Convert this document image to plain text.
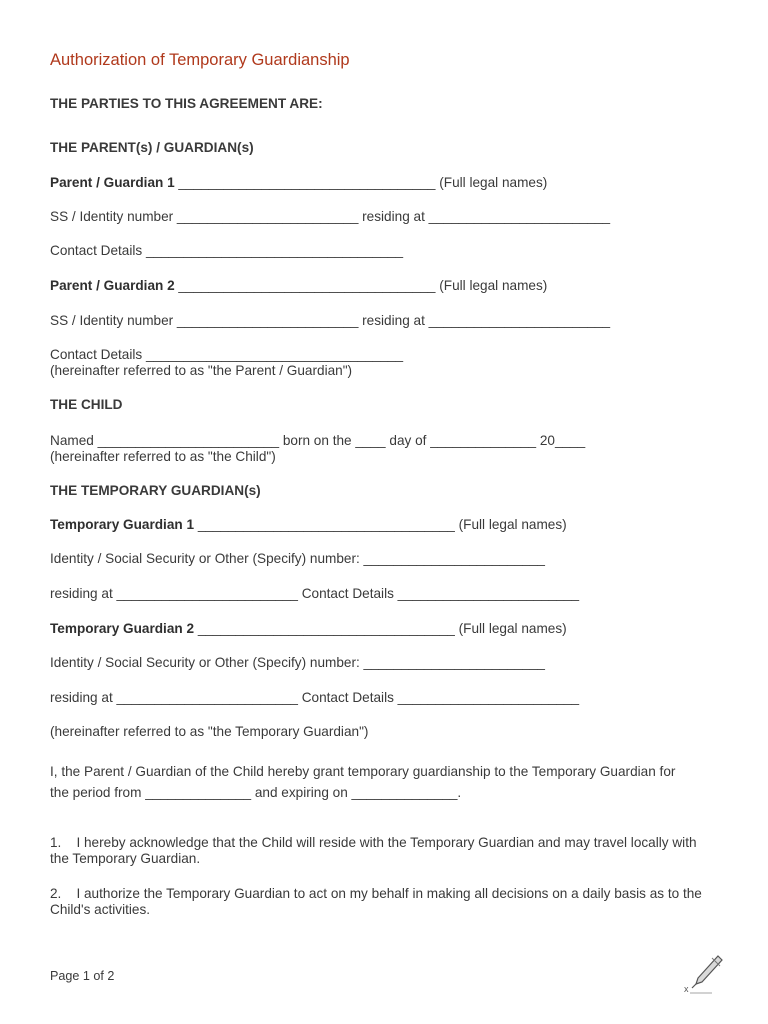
Authorization of Temporary Guardianship
THE PARTIES TO THIS AGREEMENT ARE:
THE PARENT(s) / GUARDIAN(s)
Parent / Guardian 1 __________________________________ (Full legal names)
SS / Identity number ________________________ residing at ________________________
Contact Details __________________________________
Parent / Guardian 2 __________________________________ (Full legal names)
SS / Identity number ________________________ residing at ________________________
Contact Details __________________________________
(hereinafter referred to as "the Parent / Guardian")
THE CHILD
Named ________________________ born on the ____ day of ______________ 20____
(hereinafter referred to as "the Child")
THE TEMPORARY GUARDIAN(s)
Temporary Guardian 1 __________________________________ (Full legal names)
Identity / Social Security or Other (Specify) number: ________________________
residing at ________________________ Contact Details ________________________
Temporary Guardian 2 __________________________________ (Full legal names)
Identity / Social Security or Other (Specify) number: ________________________
residing at ________________________ Contact Details ________________________
(hereinafter referred to as "the Temporary Guardian")
I, the Parent / Guardian of the Child hereby grant temporary guardianship to the Temporary Guardian for
the period from ______________ and expiring on ______________.
1.    I hereby acknowledge that the Child will reside with the Temporary Guardian and may travel locally with
the Temporary Guardian.
2.    I authorize the Temporary Guardian to act on my behalf in making all decisions on a daily basis as to the
Child's activities.
Page 1 of 2
x
